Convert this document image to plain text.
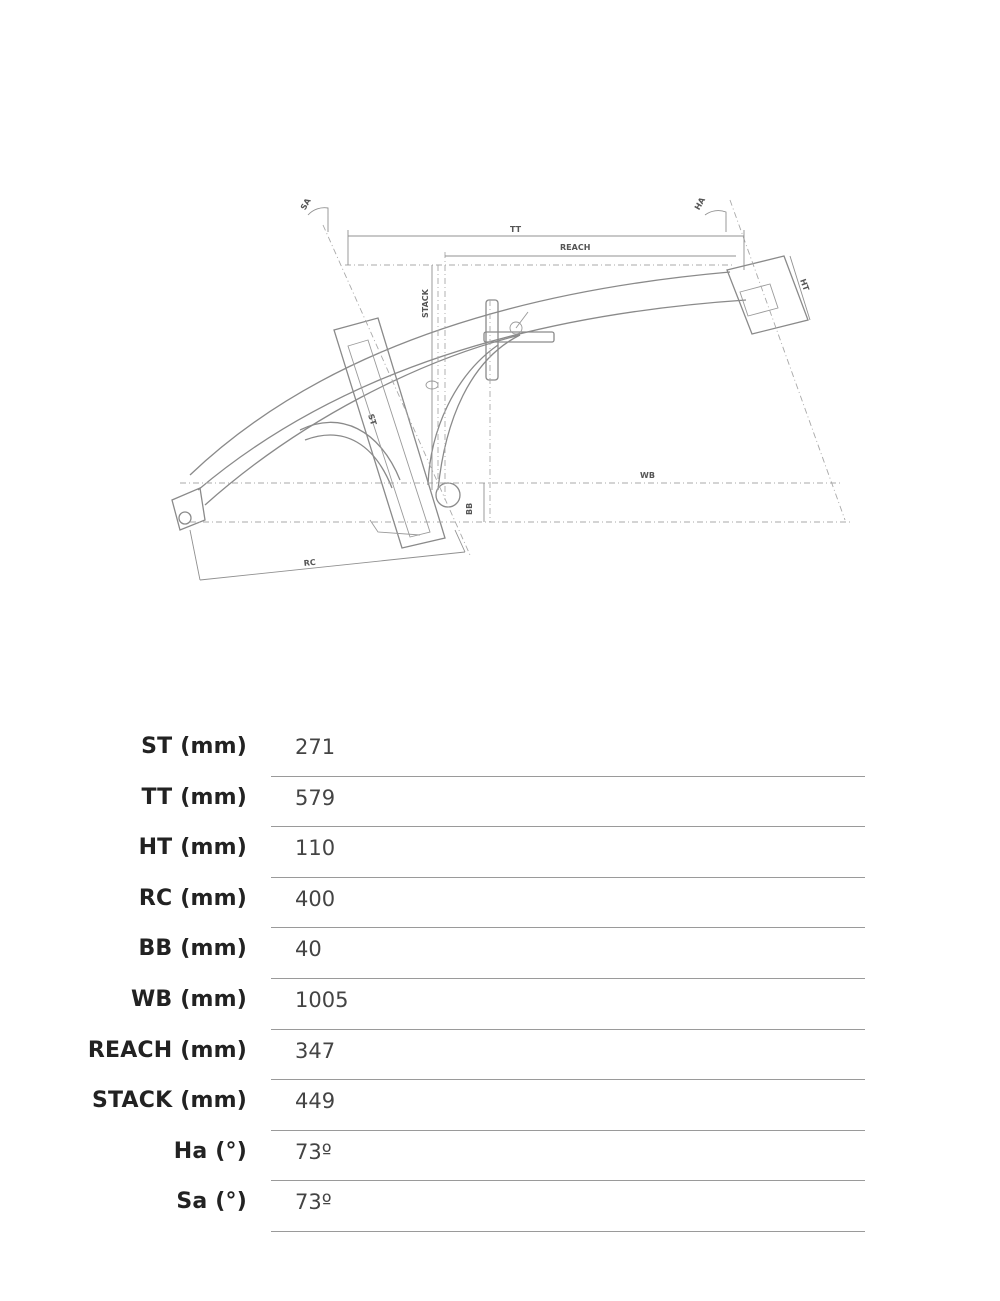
SA	HA
TT
REACH
STACK
HT
ST
WB
BB
RC
ST (mm) 271
TT (mm) 579
HT (mm) 110
RC (mm) 400
BB (mm) 40
WB (mm) 1005
REACH (mm) 347
STACK (mm) 449
Ha (°) 73º
Sa (°) 73º
